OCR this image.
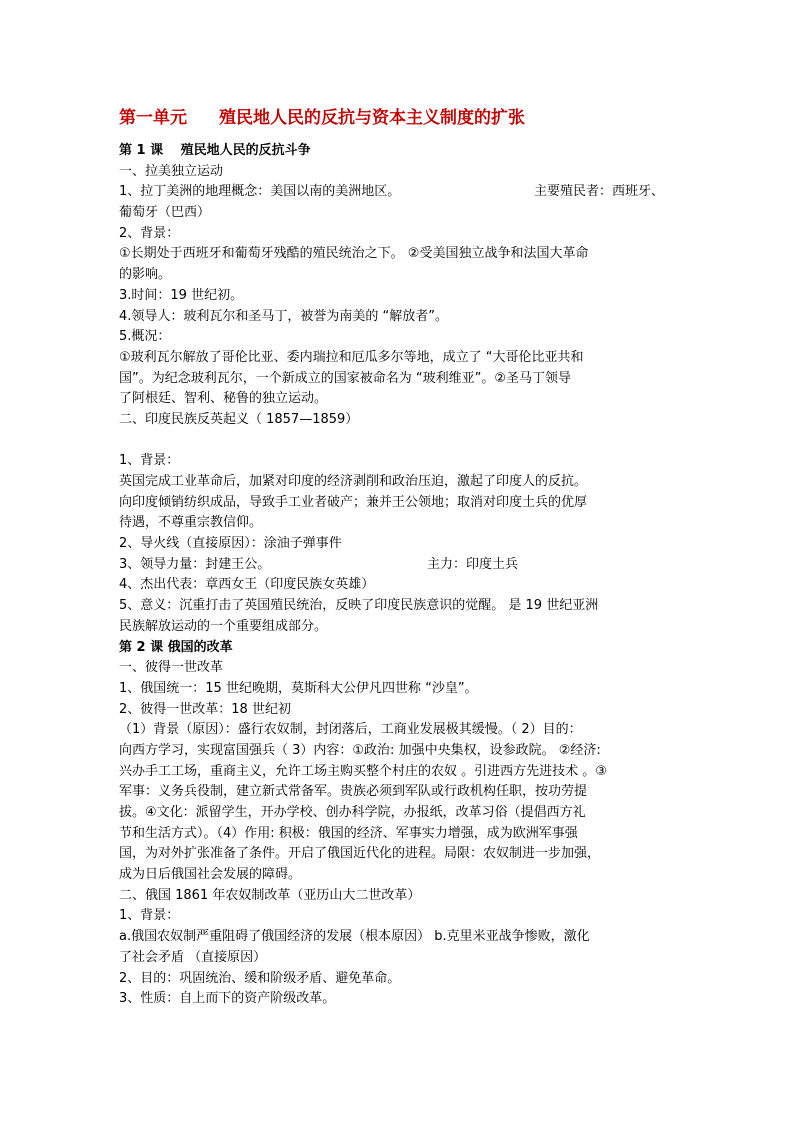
第一单元 殖民地人民的反抗与资本主义制度的扩张
第 1 课　 殖民地人民的反抗斗争
一、拉美独立运动
1、拉丁美洲的地理概念：美国以南的美洲地区。	主要殖民者：西班牙、
葡萄牙（巴西）
2、背景：
①长期处于西班牙和葡萄牙残酷的殖民统治之下。 ②受美国独立战争和法国大革命
的影响。
3.时间：19 世纪初。
4.领导人：玻利瓦尔和圣马丁，被誉为南美的 “解放者”。
5.概况：
①玻利瓦尔解放了哥伦比亚、委内瑞拉和厄瓜多尔等地，成立了 “大哥伦比亚共和
国”。为纪念玻利瓦尔，一个新成立的国家被命名为 “玻利维亚”。②圣马丁领导
了阿根廷、智利、秘鲁的独立运动。
二、印度民族反英起义（ 1857—1859）
1、背景：
英国完成工业革命后，加紧对印度的经济剥削和政治压迫，激起了印度人的反抗。
向印度倾销纺织成品，导致手工业者破产；兼并王公领地；取消对印度土兵的优厚
待遇，不尊重宗教信仰。
2、导火线（直接原因）：涂油子弹事件
3、领导力量：封建王公。	主力：印度土兵
4、杰出代表：章西女王（印度民族女英雄）
5、意义：沉重打击了英国殖民统治，反映了印度民族意识的觉醒。 是 19 世纪亚洲
民族解放运动的一个重要组成部分。
第 2 课 俄国的改革
一、彼得一世改革
1、俄国统一：15 世纪晚期，莫斯科大公伊凡四世称 “沙皇”。
2、彼得一世改革：18 世纪初
（1）背景（原因）：盛行农奴制，封闭落后，工商业发展极其缓慢。（ 2）目的：
向西方学习，实现富国强兵（ 3）内容：①政治: 加强中央集权，设参政院。 ②经济:
兴办手工工场，重商主义，允许工场主购买整个村庄的农奴 。引进西方先进技术 。③
军事：义务兵役制，建立新式常备军。贵族必须到军队或行政机构任职，按功劳提
拔。④文化：派留学生，开办学校、创办科学院，办报纸，改革习俗（提倡西方礼
节和生活方式）。（4）作用: 积极：俄国的经济、军事实力增强，成为欧洲军事强
国，为对外扩张准备了条件。开启了俄国近代化的进程。局限：农奴制进一步加强，
成为日后俄国社会发展的障碍。
二、俄国 1861 年农奴制改革（亚历山大二世改革）
1、背景：
a.俄国农奴制严重阻碍了俄国经济的发展（根本原因） b.克里米亚战争惨败，激化
了社会矛盾 （直接原因）
2、目的：巩固统治、缓和阶级矛盾、避免革命。
3、性质：自上而下的资产阶级改革。
